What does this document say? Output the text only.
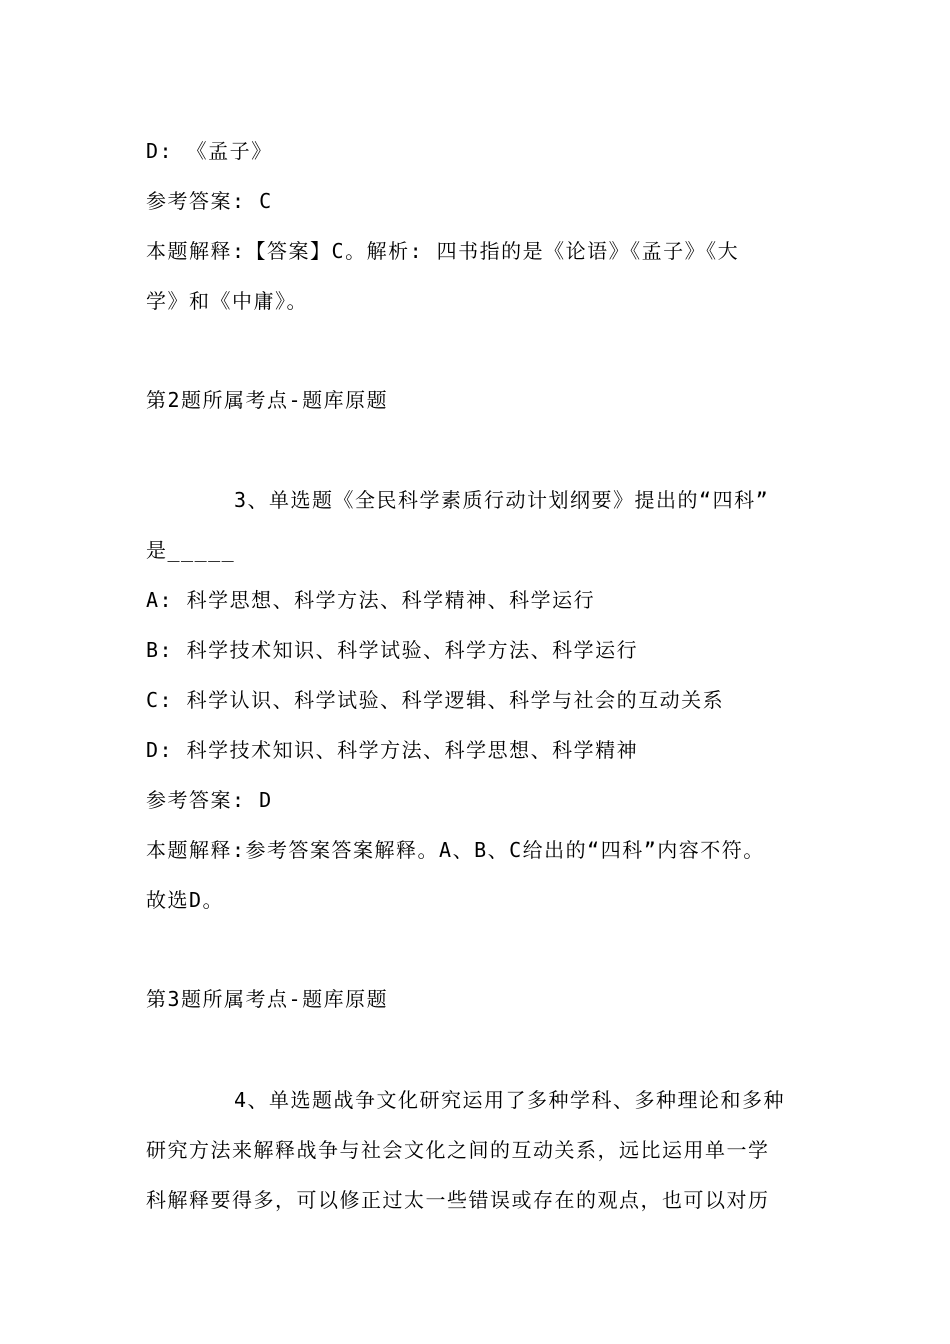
D: 《孟子》
参考答案: C
本题解释:【答案】C。解析: 四书指的是《论语》《孟子》《大
学》和《中庸》。
第2题所属考点-题库原题
3、单选题《全民科学素质行动计划纲要》提出的“四科”
是_____
A: 科学思想、科学方法、科学精神、科学运行
B: 科学技术知识、科学试验、科学方法、科学运行
C: 科学认识、科学试验、科学逻辑、科学与社会的互动关系
D: 科学技术知识、科学方法、科学思想、科学精神
参考答案: D
本题解释:参考答案答案解释。A、B、C给出的“四科”内容不符。
故选D。
第3题所属考点-题库原题
4、单选题战争文化研究运用了多种学科、多种理论和多种
研究方法来解释战争与社会文化之间的互动关系，远比运用单一学
科解释要得多，可以修正过太一些错误或存在的观点，也可以对历
